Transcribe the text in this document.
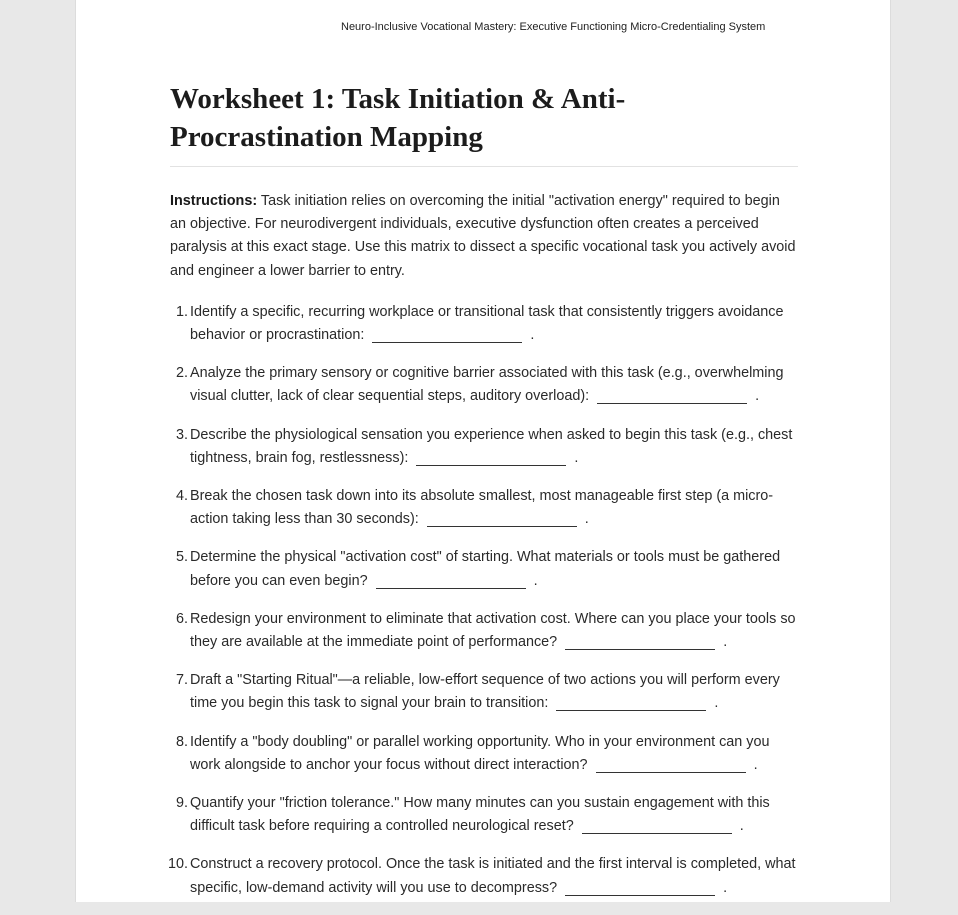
Neuro-Inclusive Vocational Mastery: Executive Functioning Micro-Credentialing System
Worksheet 1: Task Initiation & Anti-Procrastination Mapping

Instructions: Task initiation relies on overcoming the initial "activation energy" required to begin an objective. For neurodivergent individuals, executive dysfunction often creates a perceived paralysis at this exact stage. Use this matrix to dissect a specific vocational task you actively avoid and engineer a lower barrier to entry.

1. Identify a specific, recurring workplace or transitional task that consistently triggers avoidance behavior or procrastination:	.
2. Analyze the primary sensory or cognitive barrier associated with this task (e.g., overwhelming visual clutter, lack of clear sequential steps, auditory overload):	.
3. Describe the physiological sensation you experience when asked to begin this task (e.g., chest tightness, brain fog, restlessness):	.
4. Break the chosen task down into its absolute smallest, most manageable first step (a micro-action taking less than 30 seconds):	.
5. Determine the physical "activation cost" of starting. What materials or tools must be gathered before you can even begin?	.
6. Redesign your environment to eliminate that activation cost. Where can you place your tools so they are available at the immediate point of performance?	.
7. Draft a "Starting Ritual"—a reliable, low-effort sequence of two actions you will perform every time you begin this task to signal your brain to transition:	.
8. Identify a "body doubling" or parallel working opportunity. Who in your environment can you work alongside to anchor your focus without direct interaction?	.
9. Quantify your "friction tolerance." How many minutes can you sustain engagement with this difficult task before requiring a controlled neurological reset?	.
10. Construct a recovery protocol. Once the task is initiated and the first interval is completed, what specific, low-demand activity will you use to decompress?	.
